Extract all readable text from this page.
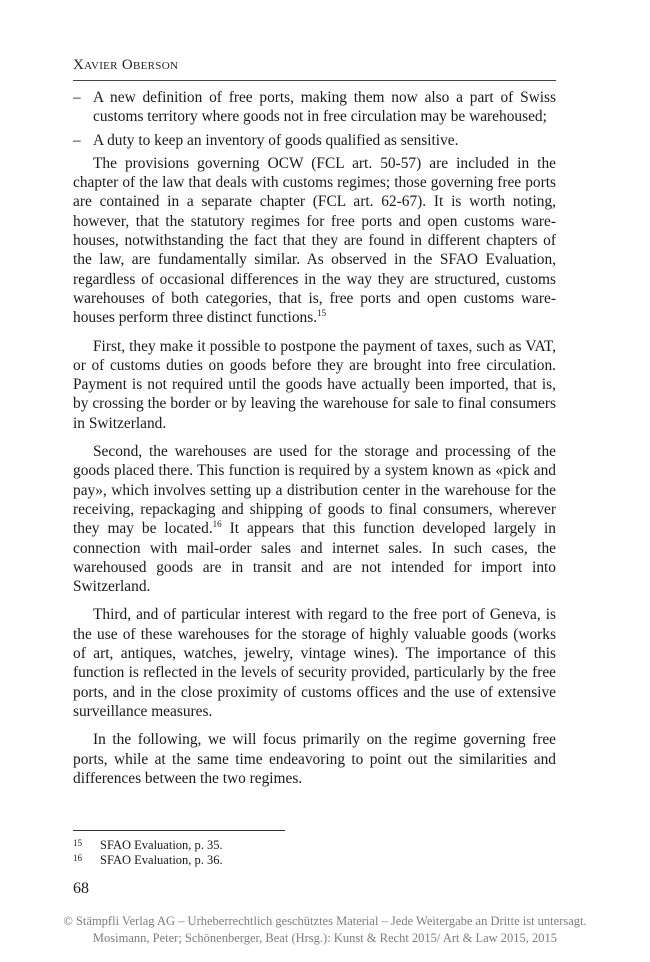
Xavier Oberson
– A new definition of free ports, making them now also a part of Swiss customs territory where goods not in free circulation may be warehoused;
– A duty to keep an inventory of goods qualified as sensitive.

The provisions governing OCW (FCL art. 50-57) are included in the chapter of the law that deals with customs regimes; those governing free ports are contained in a separate chapter (FCL art. 62-67). It is worth noting, however, that the statutory regimes for free ports and open customs warehouses, notwithstanding the fact that they are found in different chapters of the law, are fundamentally similar. As observed in the SFAO Evaluation, regardless of occasional differences in the way they are structured, customs warehouses of both categories, that is, free ports and open customs warehouses perform three distinct functions.$^{15}$

First, they make it possible to postpone the payment of taxes, such as VAT, or of customs duties on goods before they are brought into free circulation. Payment is not required until the goods have actually been imported, that is, by crossing the border or by leaving the warehouse for sale to final consumers in Switzerland.

Second, the warehouses are used for the storage and processing of the goods placed there. This function is required by a system known as «pick and pay», which involves setting up a distribution center in the warehouse for the receiving, repackaging and shipping of goods to final consumers, wherever they may be located.$^{16}$ It appears that this function developed largely in connection with mail-order sales and internet sales. In such cases, the warehoused goods are in transit and are not intended for import into Switzerland.

Third, and of particular interest with regard to the free port of Geneva, is the use of these warehouses for the storage of highly valuable goods (works of art, antiques, watches, jewelry, vintage wines). The importance of this function is reflected in the levels of security provided, particularly by the free ports, and in the close proximity of customs offices and the use of extensive surveillance measures.

In the following, we will focus primarily on the regime governing free ports, while at the same time endeavoring to point out the similarities and differences between the two regimes.

15	SFAO Evaluation, p. 35.
16	SFAO Evaluation, p. 36.
68
© Stämpfli Verlag AG – Urheberrechtlich geschütztes Material – Jede Weitergabe an Dritte ist untersagt.
Mosimann, Peter; Schönenberger, Beat (Hrsg.): Kunst & Recht 2015/ Art & Law 2015, 2015
